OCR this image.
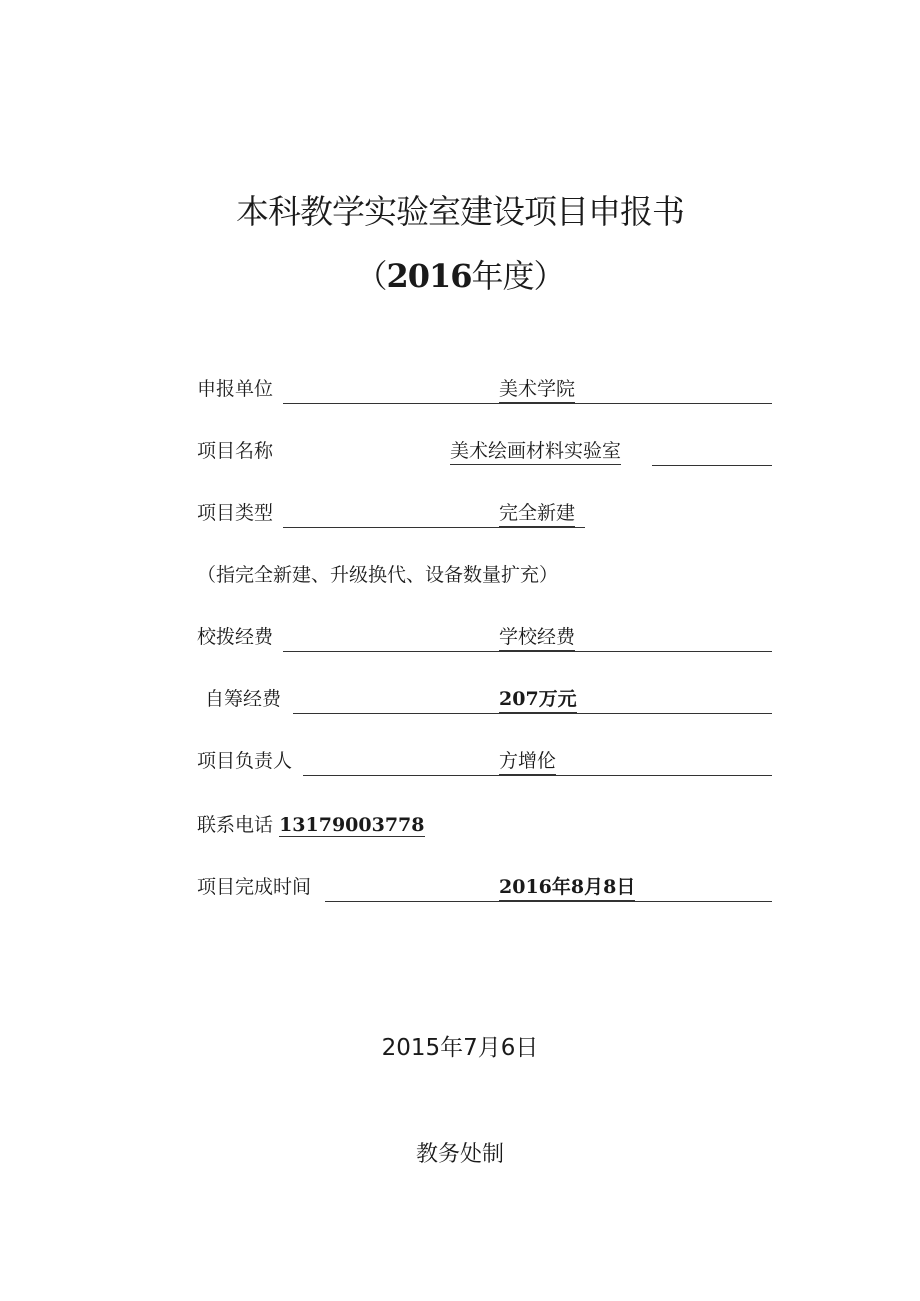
本科教学实验室建设项目申报书
（2016年度）
申报单位	美术学院
项目名称	美术绘画材料实验室
项目类型	完全新建
（指完全新建、升级换代、设备数量扩充）
校拨经费	学校经费
自筹经费	207万元
项目负责人	方增伦
联系电话 13179003778
项目完成时间	2016年8月8日
2015年7月6日
教务处制
